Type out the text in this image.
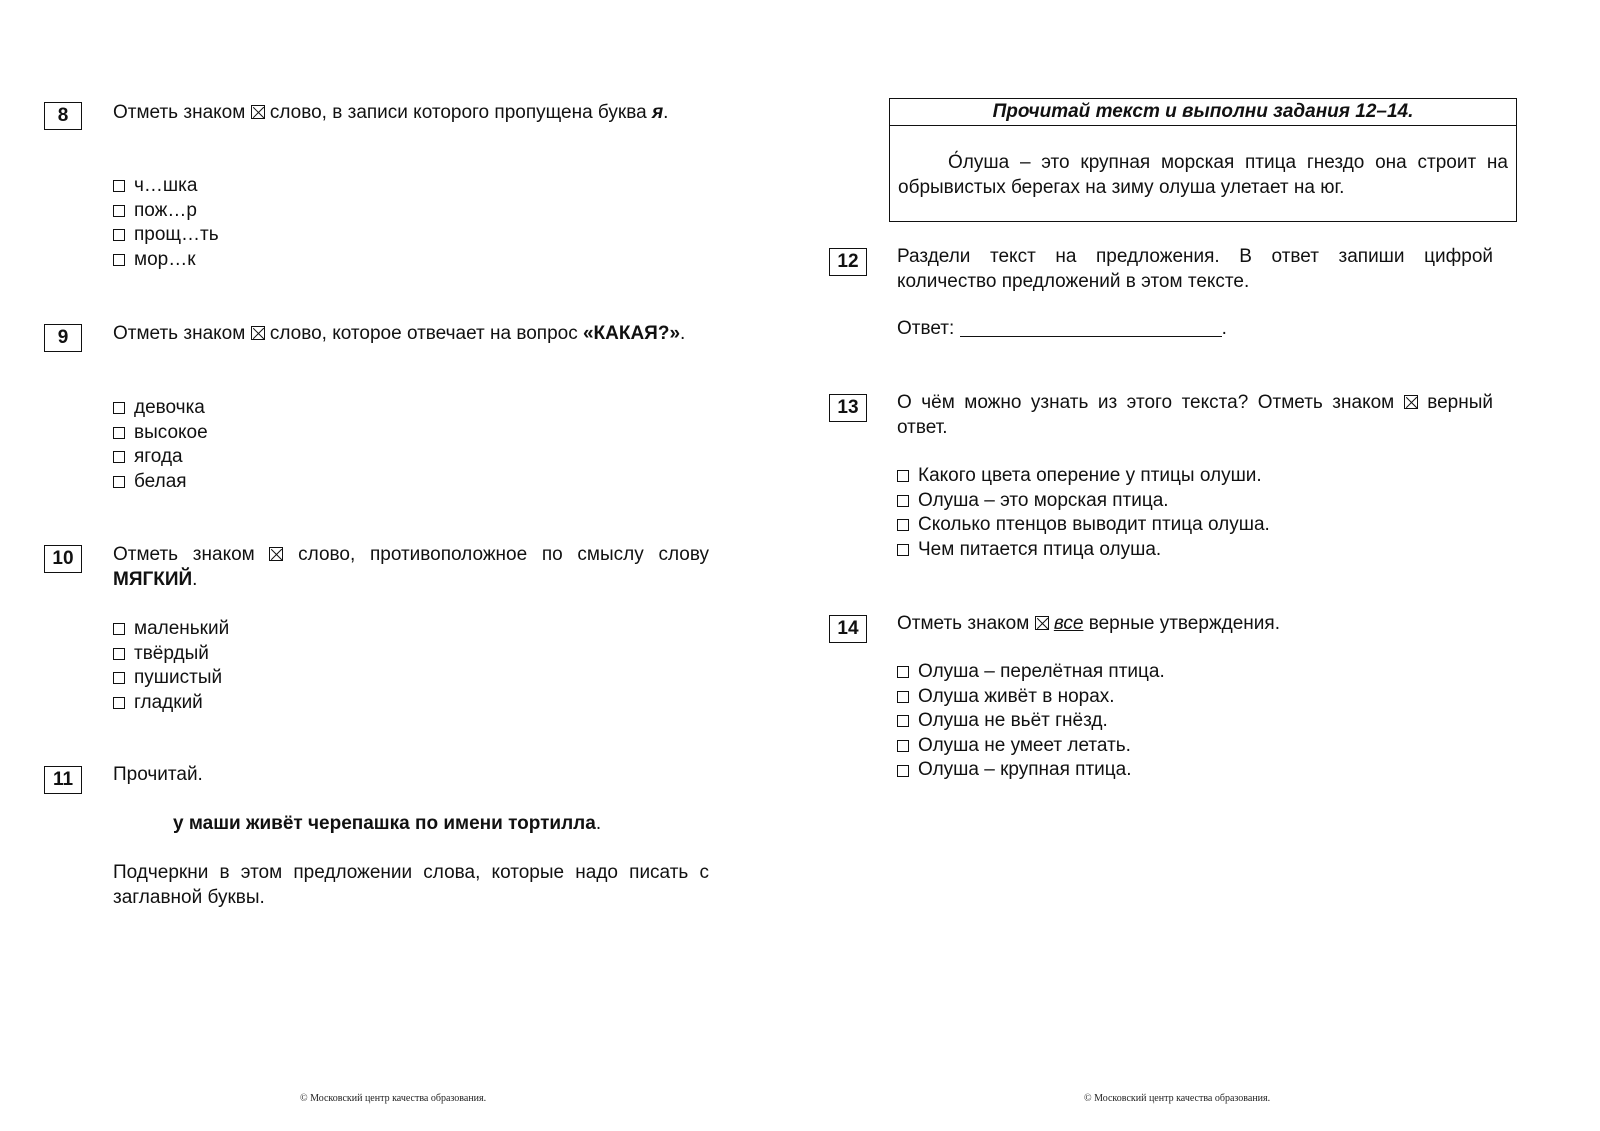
8	Отметь знаком ☒ слово, в записи которого пропущена буква я.
ч…шка
пож…р
прощ…ть
мор…к
9	Отметь знаком ☒ слово, которое отвечает на вопрос «КАКАЯ?».
девочка
высокое
ягода
белая
10	Отметь знаком ☒ слово, противоположное по смыслу слову МЯГКИЙ.
маленький
твёрдый
пушистый
гладкий
11	Прочитай.
у маши живёт черепашка по имени тортилла.
Подчеркни в этом предложении слова, которые надо писать с заглавной буквы.
© Московский центр качества образования.
Прочитай текст и выполни задания 12–14.
О́луша – это крупная морская птица гнездо она строит на обрывистых берегах на зиму олуша улетает на юг.
12	Раздели текст на предложения. В ответ запиши цифрой количество предложений в этом тексте.
Ответ:	.
13	О чём можно узнать из этого текста? Отметь знаком ☒ верный ответ.
Какого цвета оперение у птицы олуши.
Олуша – это морская птица.
Сколько птенцов выводит птица олуша.
Чем питается птица олуша.
14	Отметь знаком ☒ все верные утверждения.
Олуша – перелётная птица.
Олуша живёт в норах.
Олуша не вьёт гнёзд.
Олуша не умеет летать.
Олуша – крупная птица.
© Московский центр качества образования.
